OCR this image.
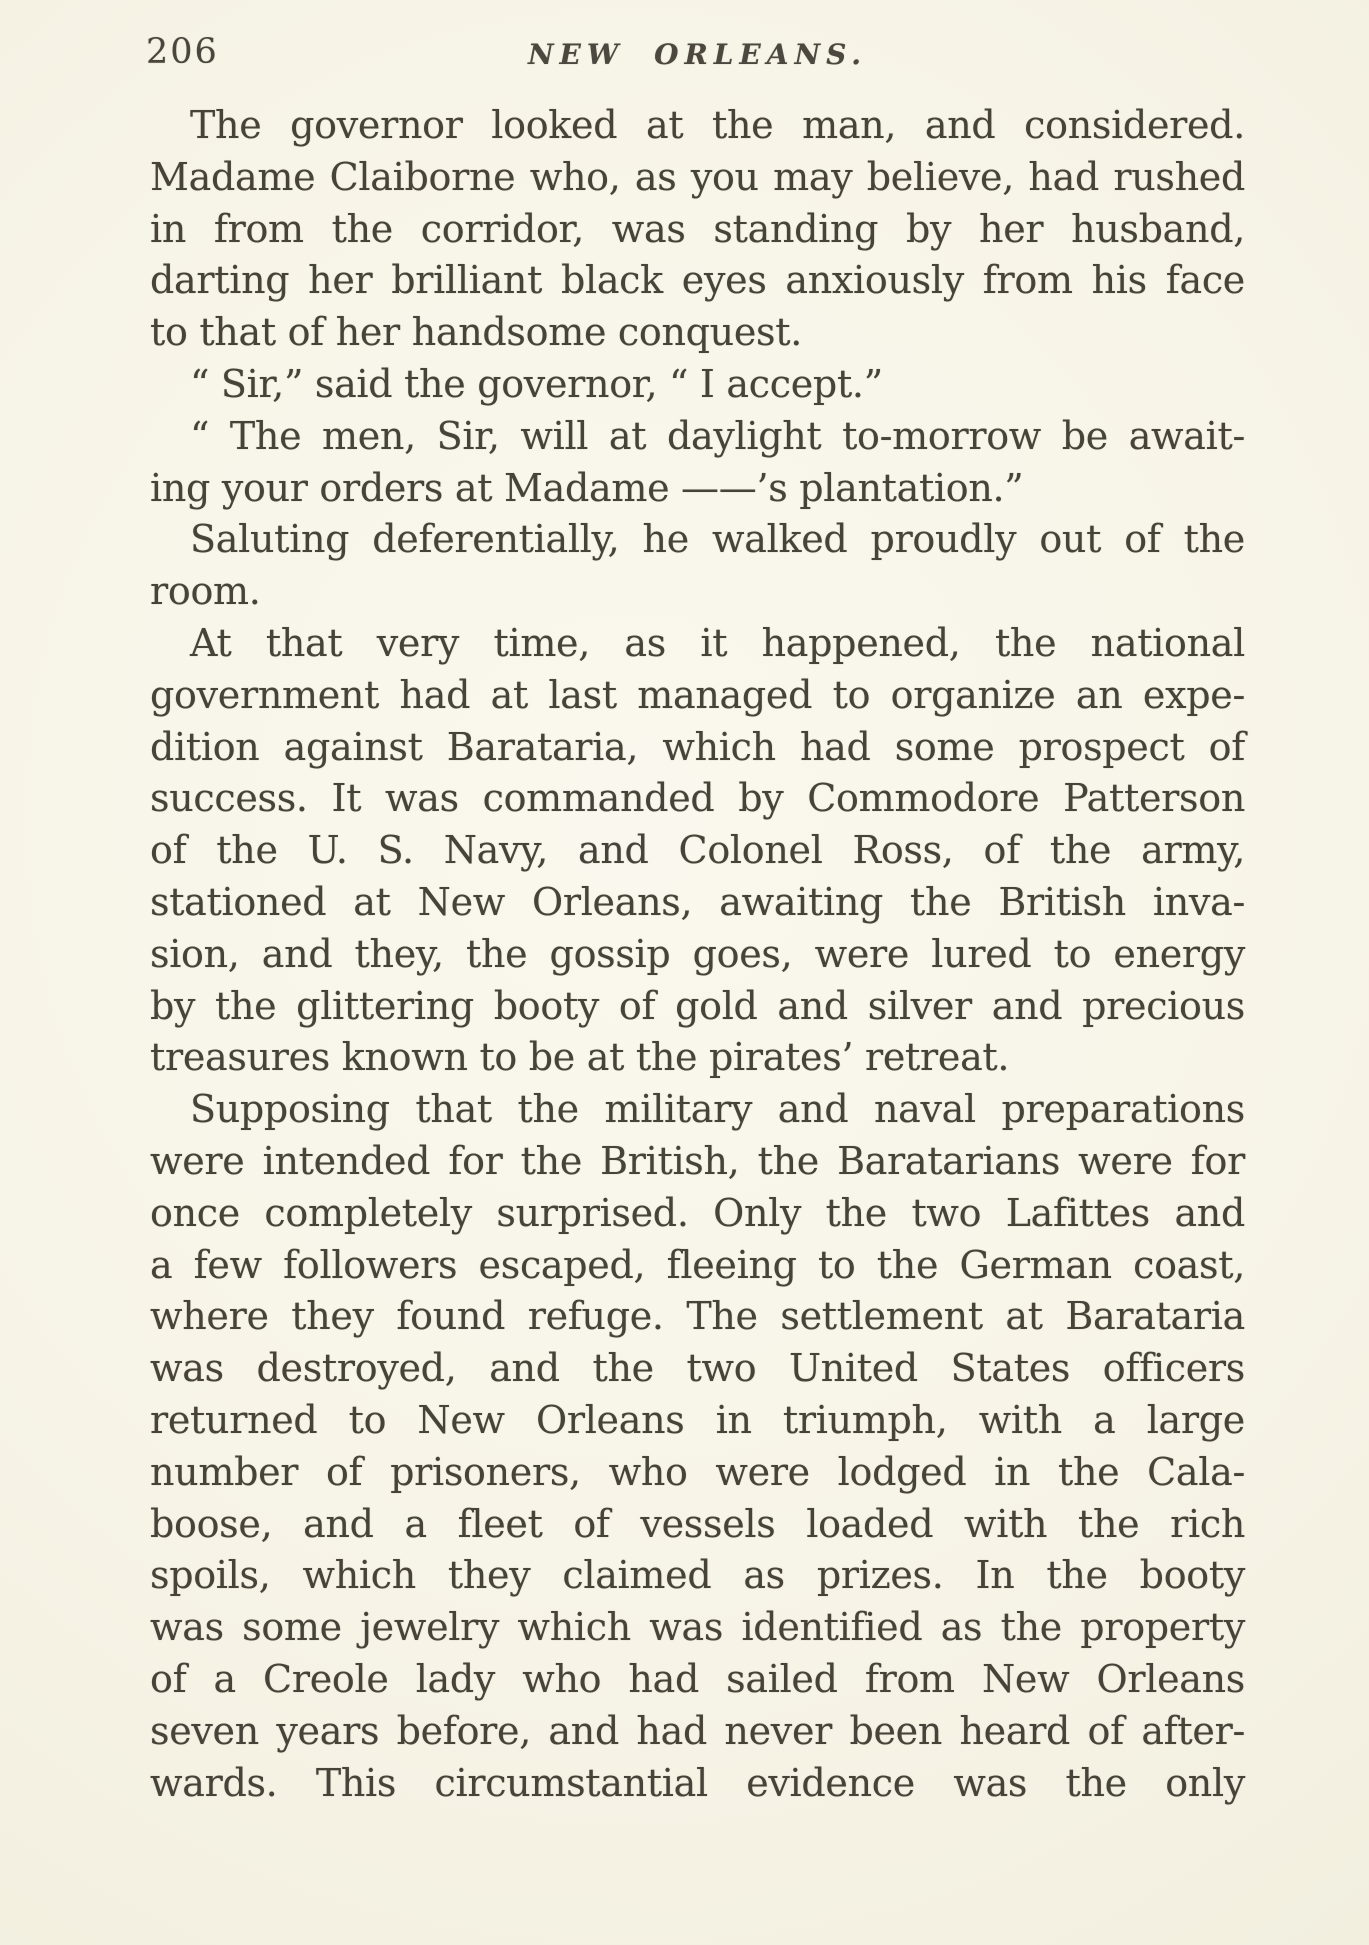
206	NEW ORLEANS.
The governor looked at the man, and considered.
Madame Claiborne who, as you may believe, had rushed
in from the corridor, was standing by her husband,
darting her brilliant black eyes anxiously from his face
to that of her handsome conquest.
“ Sir,” said the governor, “ I accept.”
“ The men, Sir, will at daylight to-morrow be await-
ing your orders at Madame ——’s plantation.”
Saluting deferentially, he walked proudly out of the
room.
At that very time, as it happened, the national
government had at last managed to organize an expe-
dition against Barataria, which had some prospect of
success. It was commanded by Commodore Patterson
of the U. S. Navy, and Colonel Ross, of the army,
stationed at New Orleans, awaiting the British inva-
sion, and they, the gossip goes, were lured to energy
by the glittering booty of gold and silver and precious
treasures known to be at the pirates’ retreat.
Supposing that the military and naval preparations
were intended for the British, the Baratarians were for
once completely surprised. Only the two Lafittes and
a few followers escaped, fleeing to the German coast,
where they found refuge. The settlement at Barataria
was destroyed, and the two United States officers
returned to New Orleans in triumph, with a large
number of prisoners, who were lodged in the Cala-
boose, and a fleet of vessels loaded with the rich
spoils, which they claimed as prizes. In the booty
was some jewelry which was identified as the property
of a Creole lady who had sailed from New Orleans
seven years before, and had never been heard of after-
wards. This circumstantial evidence was the only
